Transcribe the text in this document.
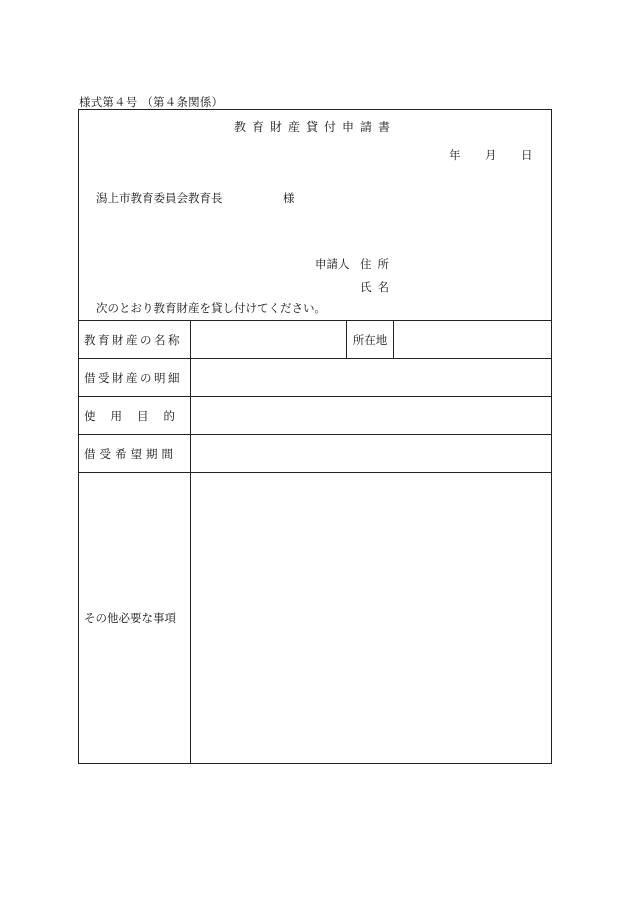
様式第４号 （第４条関係）
教育財産貸付申請書
年	月	日
潟上市教育委員会教育長	様
申請人 住所
氏名
次のとおり教育財産を貸し付けてください。
教育財産の名称		所在地	
借受財産の明細			
使用目的			
借受希望期間			
その他必要な事項			
